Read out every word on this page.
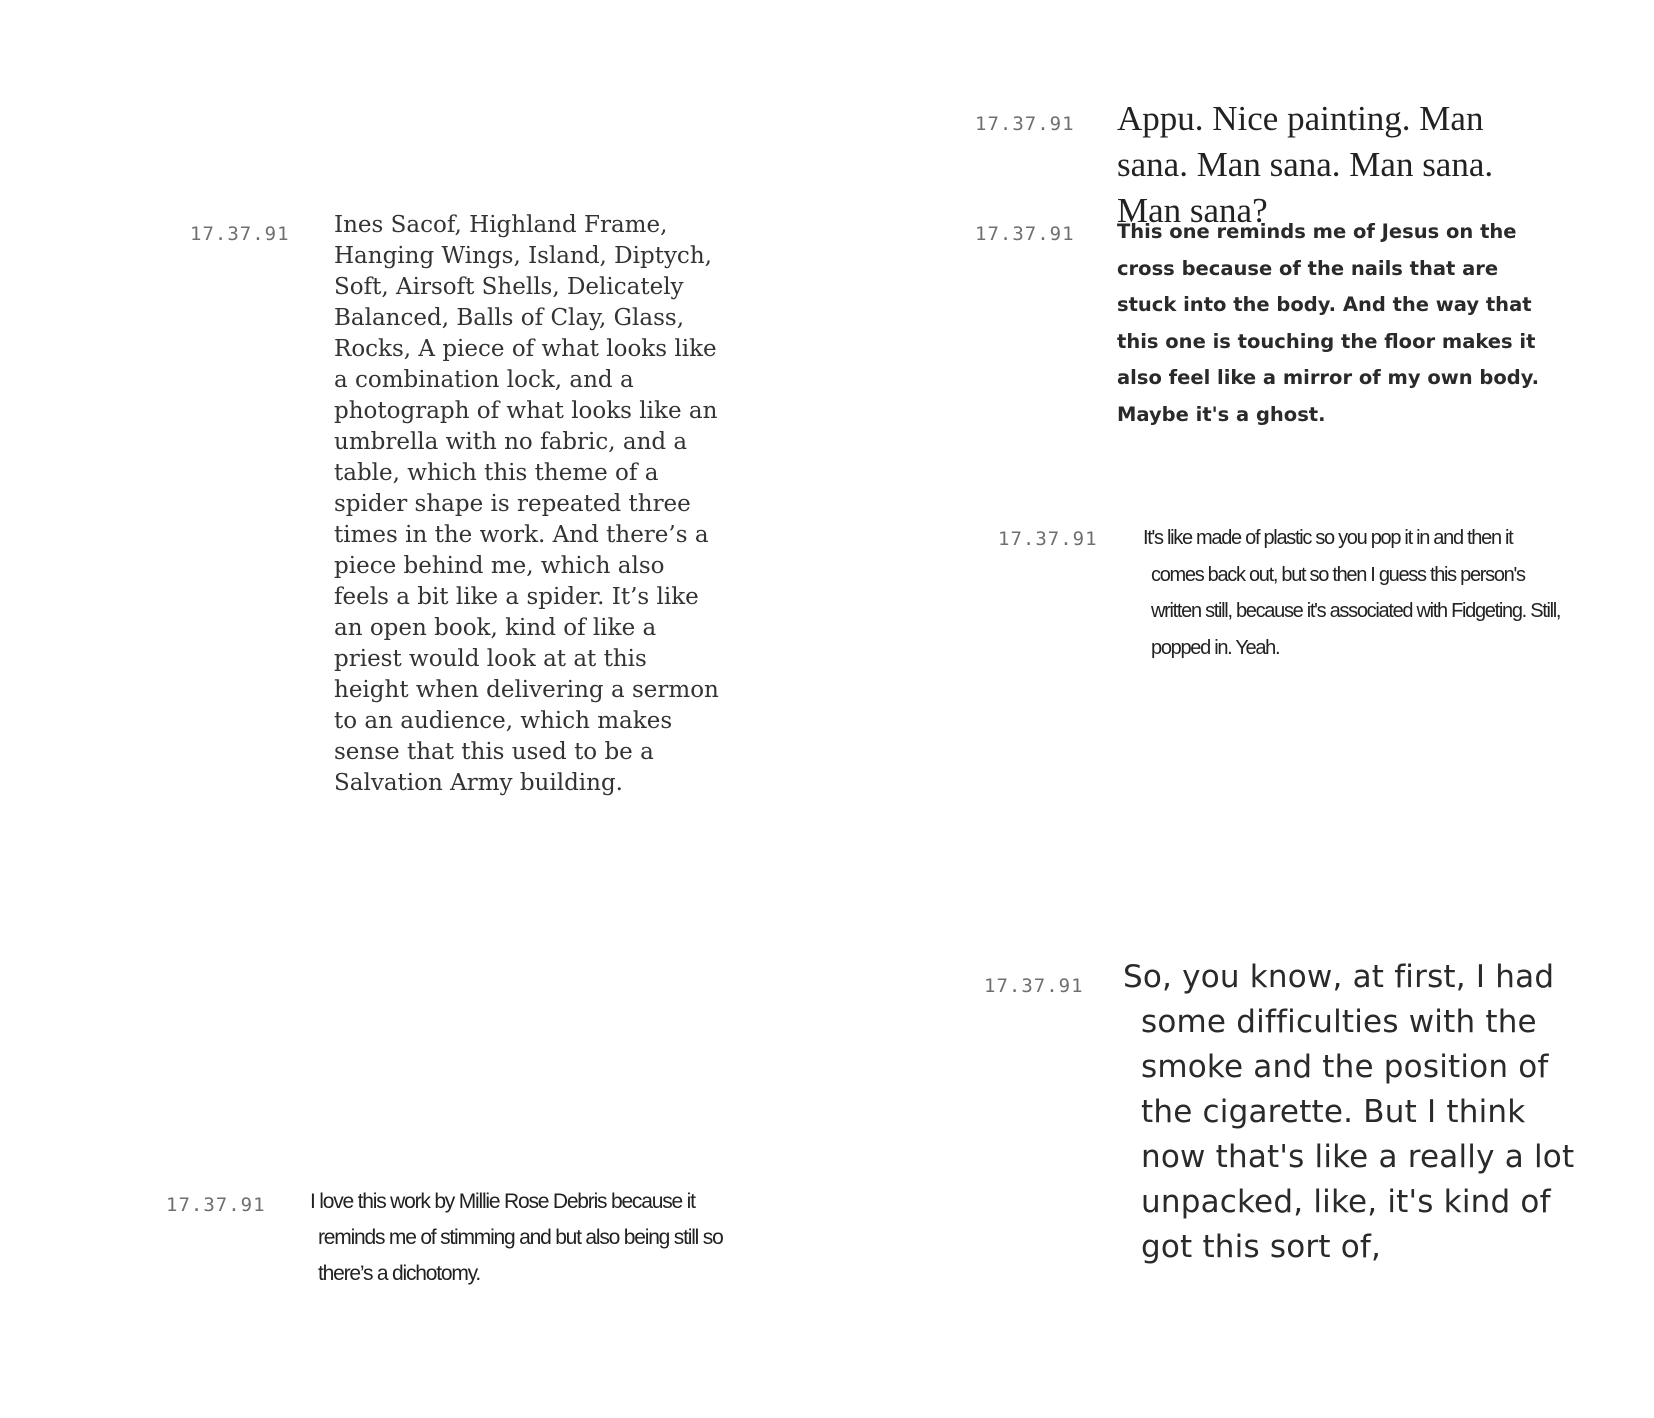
17.37.91 Ines Sacof, Highland Frame, Hanging Wings, Island, Diptych, Soft, Airsoft Shells, Delicately Balanced, Balls of Clay, Glass, Rocks, A piece of what looks like a combination lock, and a photograph of what looks like an umbrella with no fabric, and a table, which this theme of a spider shape is repeated three times in the work. And there’s a piece behind me, which also feels a bit like a spider. It’s like an open book, kind of like a priest would look at at this height when delivering a sermon to an audience, which makes sense that this used to be a Salvation Army building.

17.37.91 I love this work by Millie Rose Debris because it reminds me of stimming and but also being still so there’s a dichotomy.

17.37.91 Appu. Nice painting. Man sana. Man sana. Man sana. Man sana?

17.37.91 This one reminds me of Jesus on the cross because of the nails that are stuck into the body. And the way that this one is touching the floor makes it also feel like a mirror of my own body. Maybe it's a ghost.

17.37.91 It's like made of plastic so you pop it in and then it comes back out, but so then I guess this person's written still, because it's associated with Fidgeting. Still, popped in. Yeah.

17.37.91 So, you know, at first, I had some difficulties with the smoke and the position of the cigarette. But I think now that's like a really a lot unpacked, like, it's kind of got this sort of,
